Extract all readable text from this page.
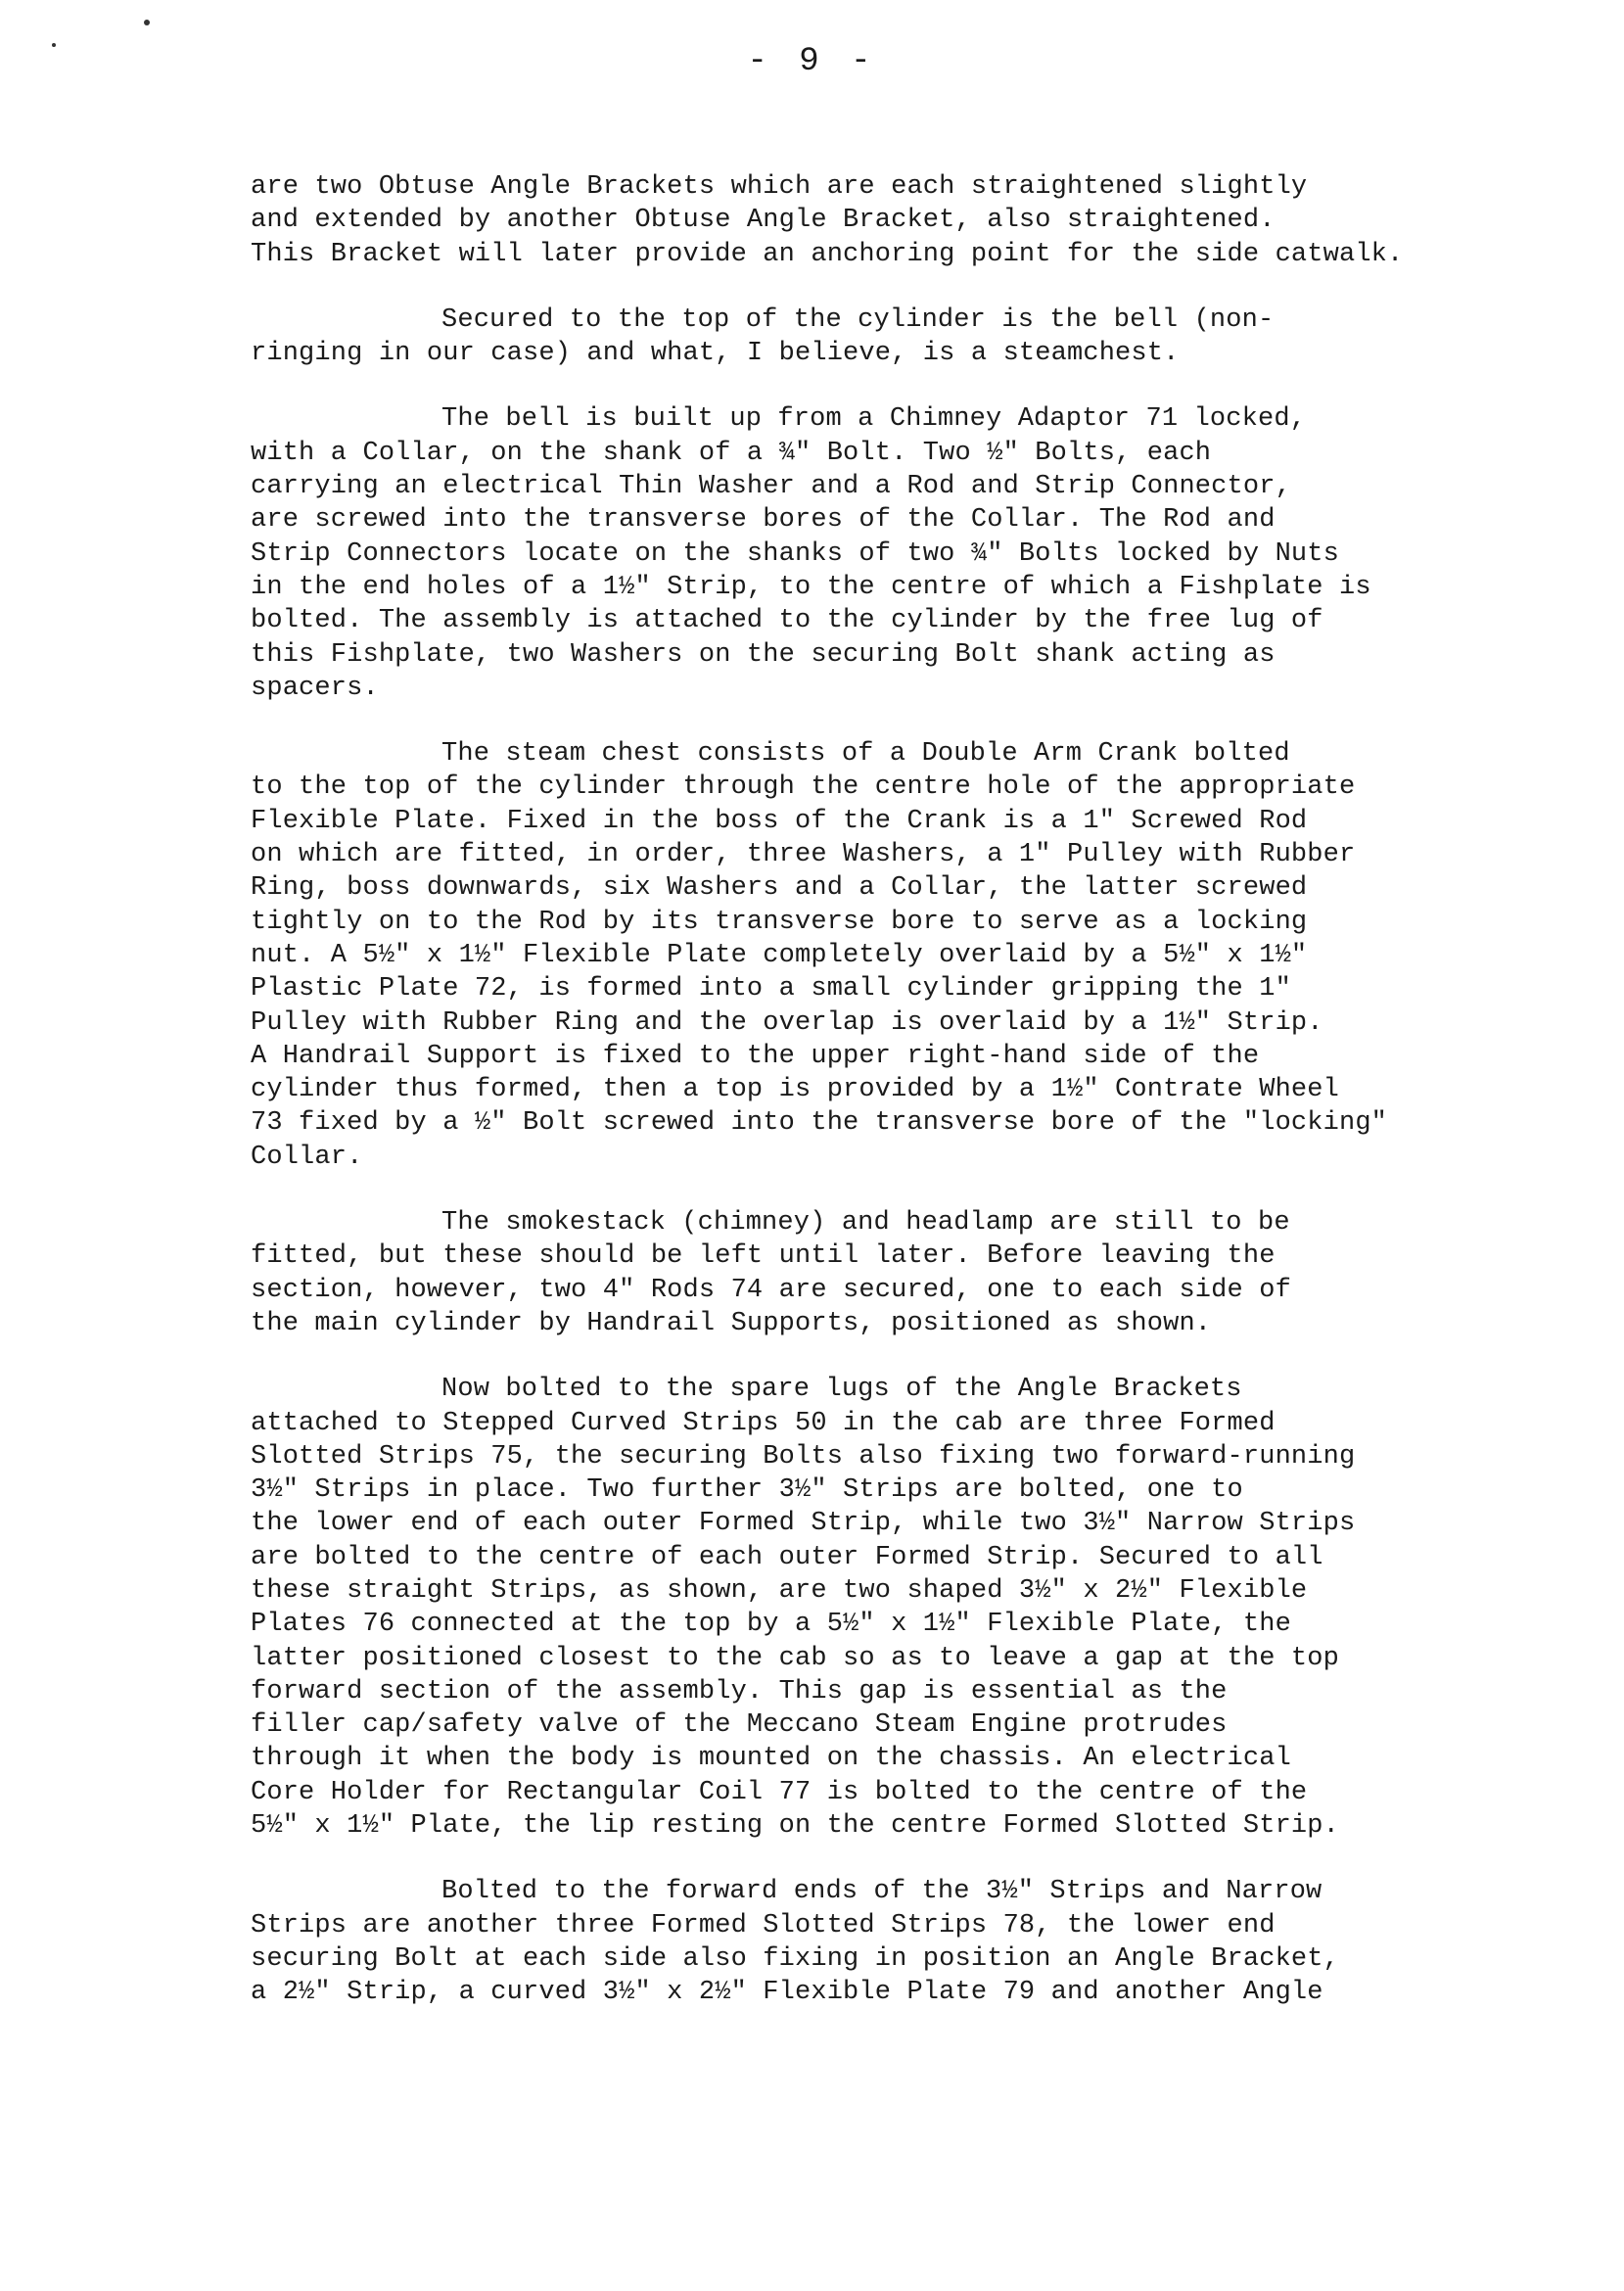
- 9 -

are two Obtuse Angle Brackets which are each straightened slightly
and extended by another Obtuse Angle Bracket, also straightened.
This Bracket will later provide an anchoring point for the side catwalk.

Secured to the top of the cylinder is the bell (non-
ringing in our case) and what, I believe, is a steamchest.

The bell is built up from a Chimney Adaptor 71 locked,
with a Collar, on the shank of a ¾" Bolt. Two ½" Bolts, each
carrying an electrical Thin Washer and a Rod and Strip Connector,
are screwed into the transverse bores of the Collar. The Rod and
Strip Connectors locate on the shanks of two ¾" Bolts locked by Nuts
in the end holes of a 1½" Strip, to the centre of which a Fishplate is
bolted. The assembly is attached to the cylinder by the free lug of
this Fishplate, two Washers on the securing Bolt shank acting as
spacers.

The steam chest consists of a Double Arm Crank bolted
to the top of the cylinder through the centre hole of the appropriate
Flexible Plate. Fixed in the boss of the Crank is a 1" Screwed Rod
on which are fitted, in order, three Washers, a 1" Pulley with Rubber
Ring, boss downwards, six Washers and a Collar, the latter screwed
tightly on to the Rod by its transverse bore to serve as a locking
nut. A 5½" x 1½" Flexible Plate completely overlaid by a 5½" x 1½"
Plastic Plate 72, is formed into a small cylinder gripping the 1"
Pulley with Rubber Ring and the overlap is overlaid by a 1½" Strip.
A Handrail Support is fixed to the upper right-hand side of the
cylinder thus formed, then a top is provided by a 1½" Contrate Wheel
73 fixed by a ½" Bolt screwed into the transverse bore of the "locking"
Collar.

The smokestack (chimney) and headlamp are still to be
fitted, but these should be left until later. Before leaving the
section, however, two 4" Rods 74 are secured, one to each side of
the main cylinder by Handrail Supports, positioned as shown.

Now bolted to the spare lugs of the Angle Brackets
attached to Stepped Curved Strips 50 in the cab are three Formed
Slotted Strips 75, the securing Bolts also fixing two forward-running
3½" Strips in place. Two further 3½" Strips are bolted, one to
the lower end of each outer Formed Strip, while two 3½" Narrow Strips
are bolted to the centre of each outer Formed Strip. Secured to all
these straight Strips, as shown, are two shaped 3½" x 2½" Flexible
Plates 76 connected at the top by a 5½" x 1½" Flexible Plate, the
latter positioned closest to the cab so as to leave a gap at the top
forward section of the assembly. This gap is essential as the
filler cap/safety valve of the Meccano Steam Engine protrudes
through it when the body is mounted on the chassis. An electrical
Core Holder for Rectangular Coil 77 is bolted to the centre of the
5½" x 1½" Plate, the lip resting on the centre Formed Slotted Strip.

Bolted to the forward ends of the 3½" Strips and Narrow
Strips are another three Formed Slotted Strips 78, the lower end
securing Bolt at each side also fixing in position an Angle Bracket,
a 2½" Strip, a curved 3½" x 2½" Flexible Plate 79 and another Angle
